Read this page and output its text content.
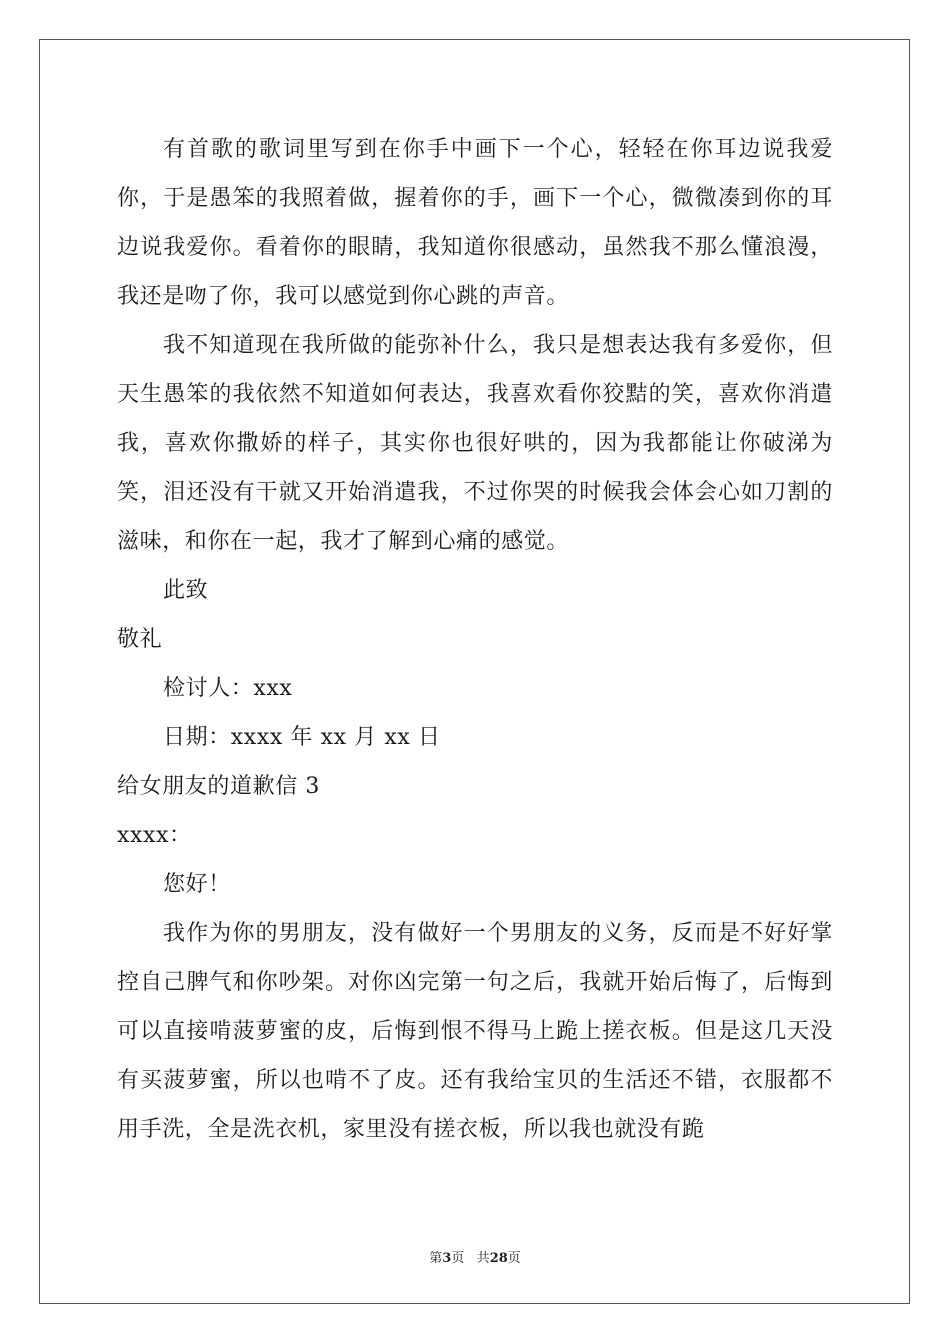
有首歌的歌词里写到在你手中画下一个心，轻轻在你耳边说我爱你，于是愚笨的我照着做，握着你的手，画下一个心，微微凑到你的耳边说我爱你。看着你的眼睛，我知道你很感动，虽然我不那么懂浪漫，我还是吻了你，我可以感觉到你心跳的声音。

我不知道现在我所做的能弥补什么，我只是想表达我有多爱你，但天生愚笨的我依然不知道如何表达，我喜欢看你狡黠的笑，喜欢你消遣我，喜欢你撒娇的样子，其实你也很好哄的，因为我都能让你破涕为笑，泪还没有干就又开始消遣我，不过你哭的时候我会体会心如刀割的滋味，和你在一起，我才了解到心痛的感觉。

此致

敬礼

检讨人：xxx

日期：xxxx 年 xx 月 xx 日

给女朋友的道歉信 3

xxxx：

您好！

我作为你的男朋友，没有做好一个男朋友的义务，反而是不好好掌控自己脾气和你吵架。对你凶完第一句之后，我就开始后悔了，后悔到可以直接啃菠萝蜜的皮，后悔到恨不得马上跪上搓衣板。但是这几天没有买菠萝蜜，所以也啃不了皮。还有我给宝贝的生活还不错，衣服都不用手洗，全是洗衣机，家里没有搓衣板，所以我也就没有跪

第3页 共28页
